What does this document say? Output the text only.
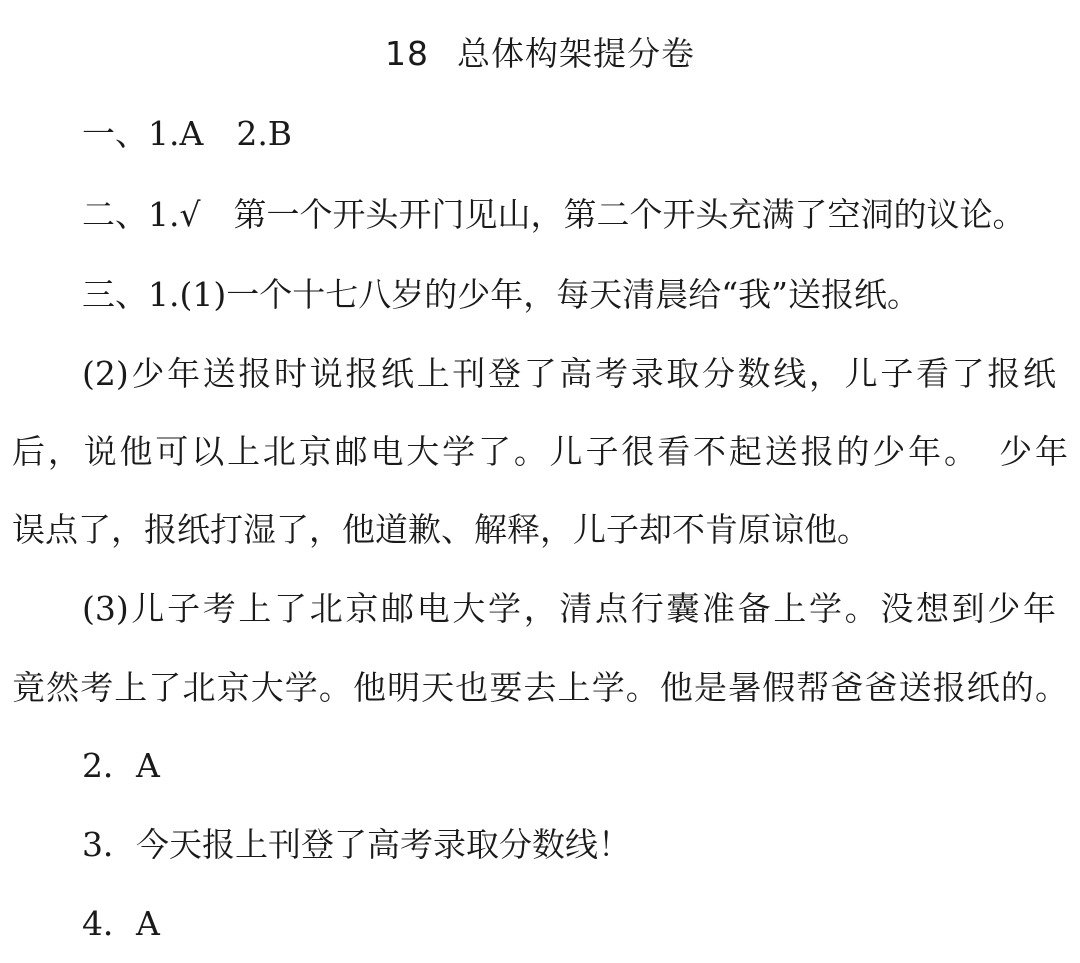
18 总体构架提分卷
一、1.A　2.B
二、1.√　第一个开头开门见山，第二个开头充满了空洞的议论。
三、1.(1)一个十七八岁的少年，每天清晨给“我”送报纸。
(2)少年送报时说报纸上刊登了高考录取分数线，儿子看了报纸
后，说他可以上北京邮电大学了。儿子很看不起送报的少年。　少年
误点了，报纸打湿了，他道歉、解释，儿子却不肯原谅他。
(3)儿子考上了北京邮电大学，清点行囊准备上学。没想到少年
竟然考上了北京大学。他明天也要去上学。他是暑假帮爸爸送报纸的。
2．A
3．今天报上刊登了高考录取分数线！
4．A
